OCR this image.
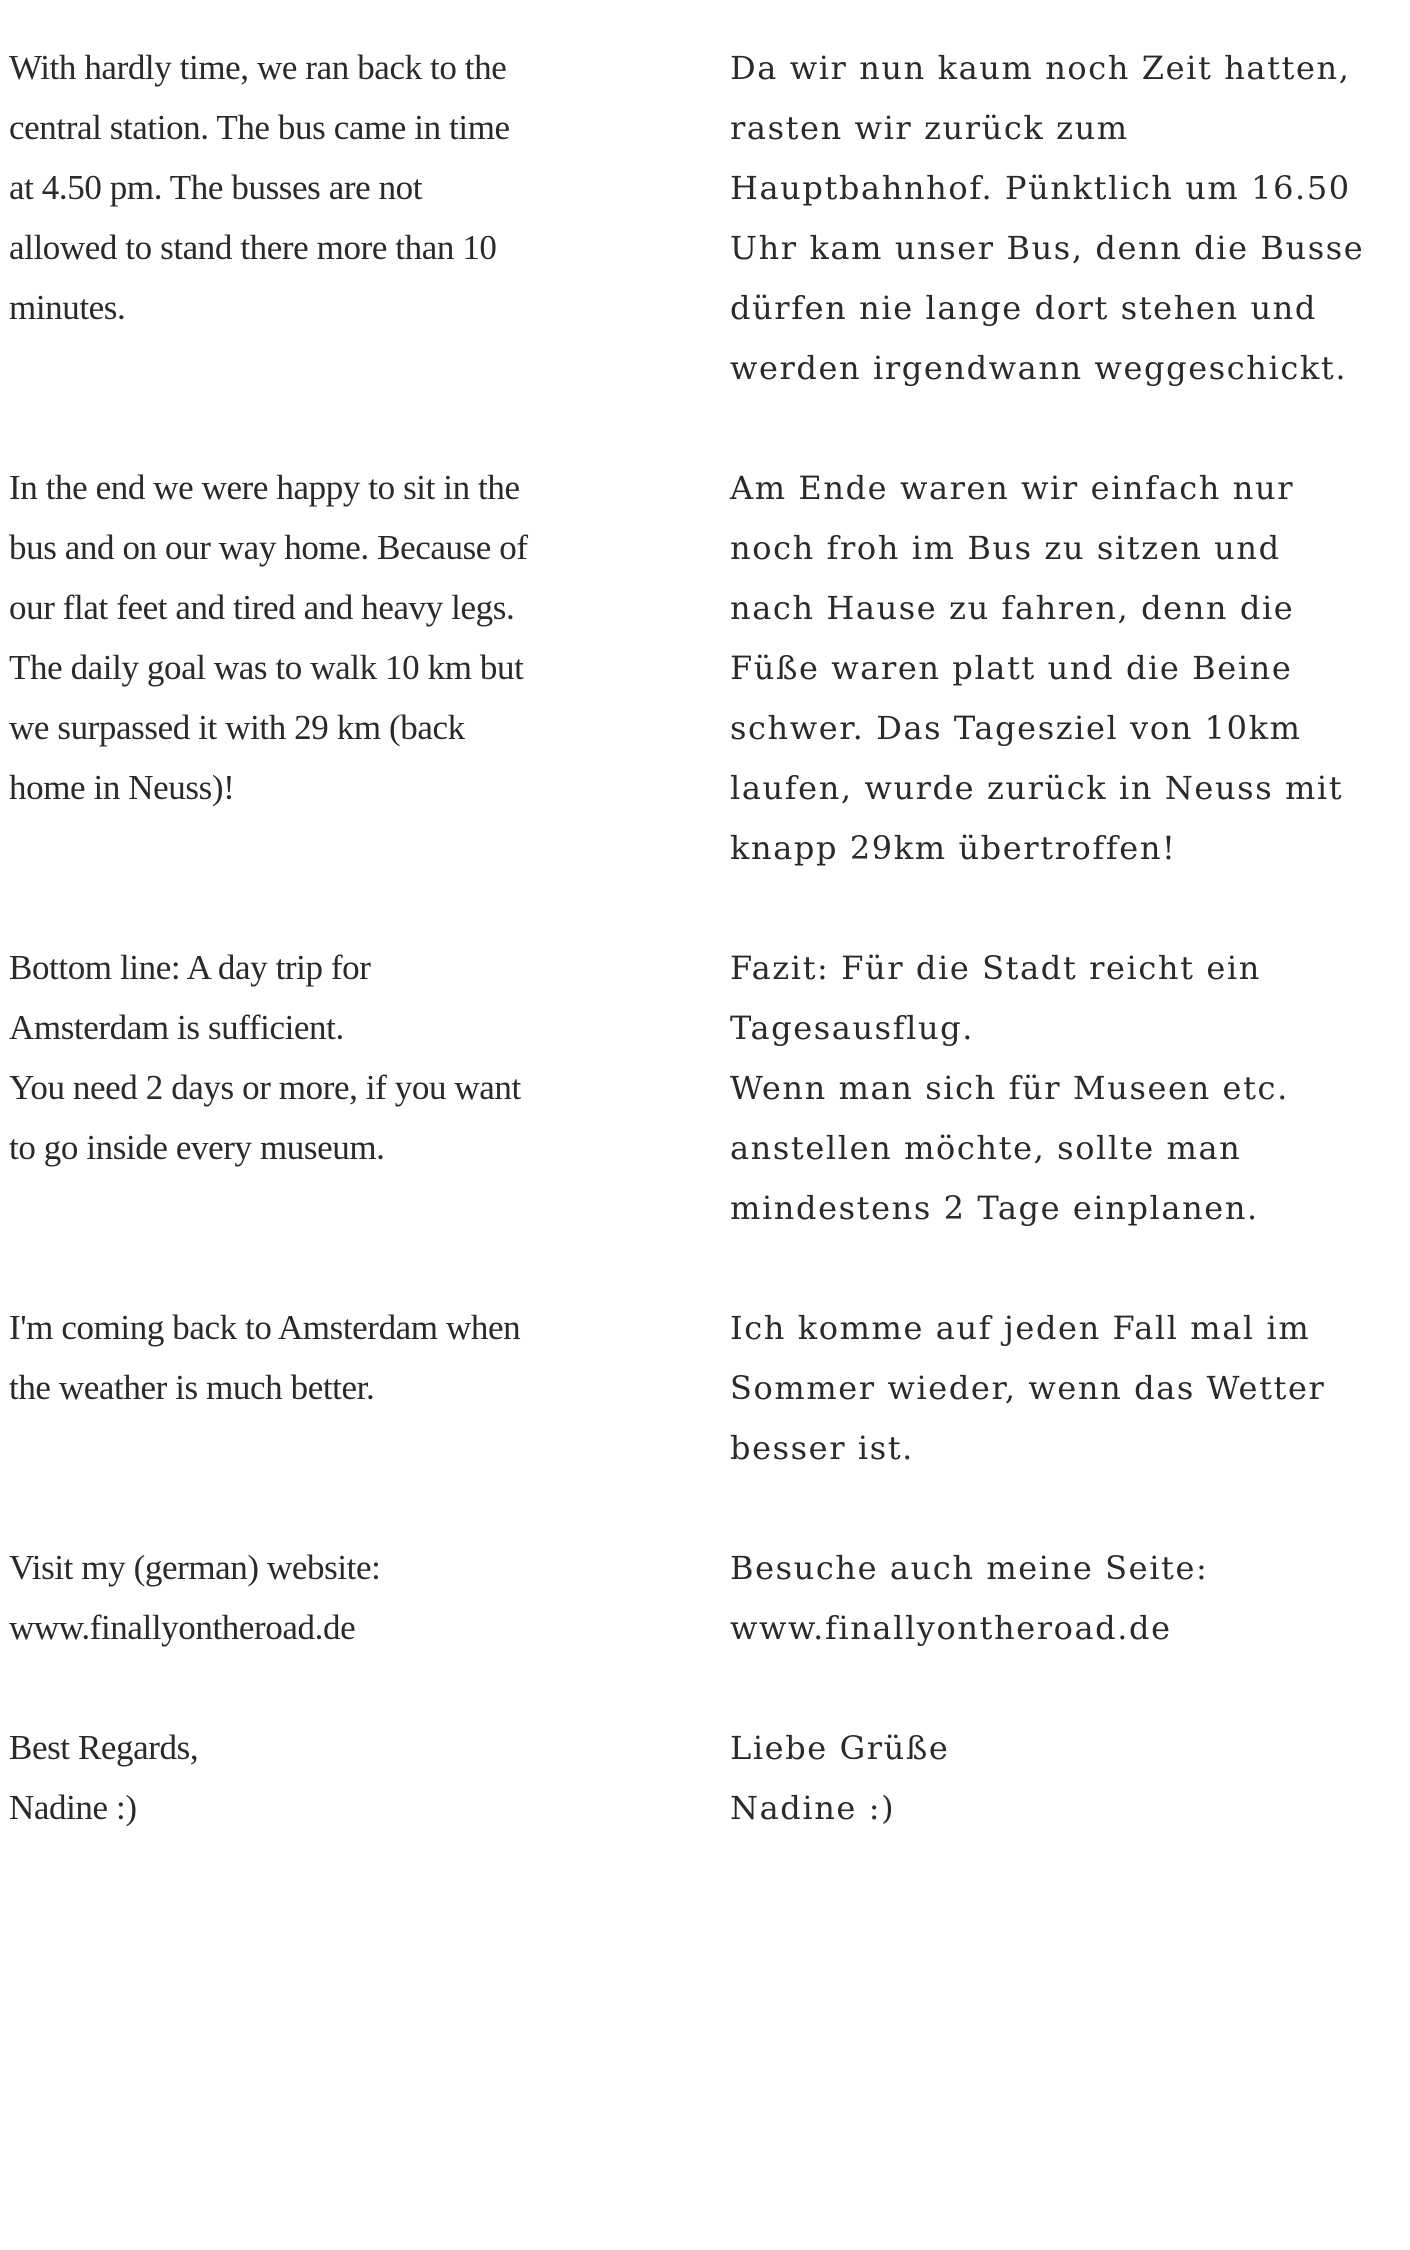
With hardly time, we ran back to the
central station. The bus came in time
at 4.50 pm. The busses are not
allowed to stand there more than 10
minutes.
In the end we were happy to sit in the
bus and on our way home. Because of
our flat feet and tired and heavy legs.
The daily goal was to walk 10 km but
we surpassed it with 29 km (back
home in Neuss)!
Bottom line: A day trip for
Amsterdam is sufficient.
You need 2 days or more, if you want
to go inside every museum.
I'm coming back to Amsterdam when
the weather is much better.
Visit my (german) website:
www.finallyontheroad.de
Best Regards,
Nadine :)
Da wir nun kaum noch Zeit hatten,
rasten wir zurück zum
Hauptbahnhof. Pünktlich um 16.50
Uhr kam unser Bus, denn die Busse
dürfen nie lange dort stehen und
werden irgendwann weggeschickt.
Am Ende waren wir einfach nur
noch froh im Bus zu sitzen und
nach Hause zu fahren, denn die
Füße waren platt und die Beine
schwer. Das Tagesziel von 10km
laufen, wurde zurück in Neuss mit
knapp 29km übertroffen!
Fazit: Für die Stadt reicht ein
Tagesausflug.
Wenn man sich für Museen etc.
anstellen möchte, sollte man
mindestens 2 Tage einplanen.
Ich komme auf jeden Fall mal im
Sommer wieder, wenn das Wetter
besser ist.
Besuche auch meine Seite:
www.finallyontheroad.de
Liebe Grüße
Nadine :)
